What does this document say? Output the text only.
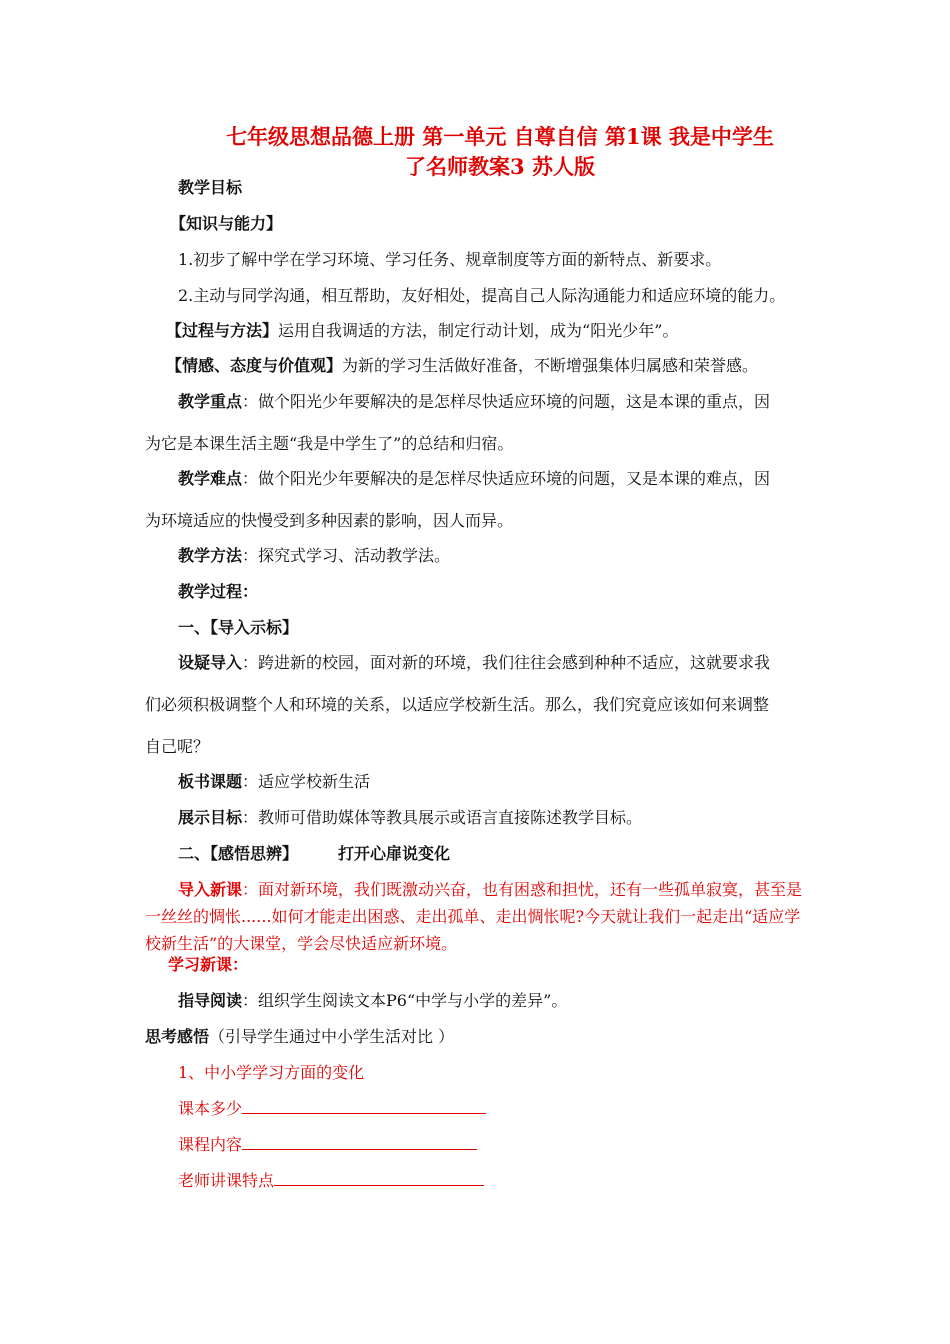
七年级思想品德上册 第一单元 自尊自信 第1课 我是中学生
了名师教案3 苏人版
教学目标
【知识与能力】
1.初步了解中学在学习环境、学习任务、规章制度等方面的新特点、新要求。
2.主动与同学沟通，相互帮助，友好相处，提高自己人际沟通能力和适应环境的能力。
【过程与方法】运用自我调适的方法，制定行动计划，成为“阳光少年”。
【情感、态度与价值观】为新的学习生活做好准备，不断增强集体归属感和荣誉感。
教学重点：做个阳光少年要解决的是怎样尽快适应环境的问题，这是本课的重点，因
为它是本课生活主题“我是中学生了”的总结和归宿。
教学难点：做个阳光少年要解决的是怎样尽快适应环境的问题，又是本课的难点，因
为环境适应的快慢受到多种因素的影响，因人而异。
教学方法：探究式学习、活动教学法。
教学过程：
一、【导入示标】
设疑导入：跨进新的校园，面对新的环境，我们往往会感到种种不适应，这就要求我
们必须积极调整个人和环境的关系，以适应学校新生活。那么，我们究竟应该如何来调整
自己呢？
板书课题：适应学校新生活
展示目标：教师可借助媒体等教具展示或语言直接陈述教学目标。
二、【感悟思辨】	打开心扉说变化
导入新课：面对新环境，我们既激动兴奋，也有困惑和担忧，还有一些孤单寂寞，甚至是一丝丝的惆怅......如何才能走出困惑、走出孤单、走出惆怅呢?今天就让我们一起走出“适应学校新生活”的大课堂，学会尽快适应新环境。
学习新课：
指导阅读：组织学生阅读文本P6“中学与小学的差异”。
思考感悟（引导学生通过中小学生活对比 ）
1、中小学学习方面的变化
课本多少
课程内容
老师讲课特点
